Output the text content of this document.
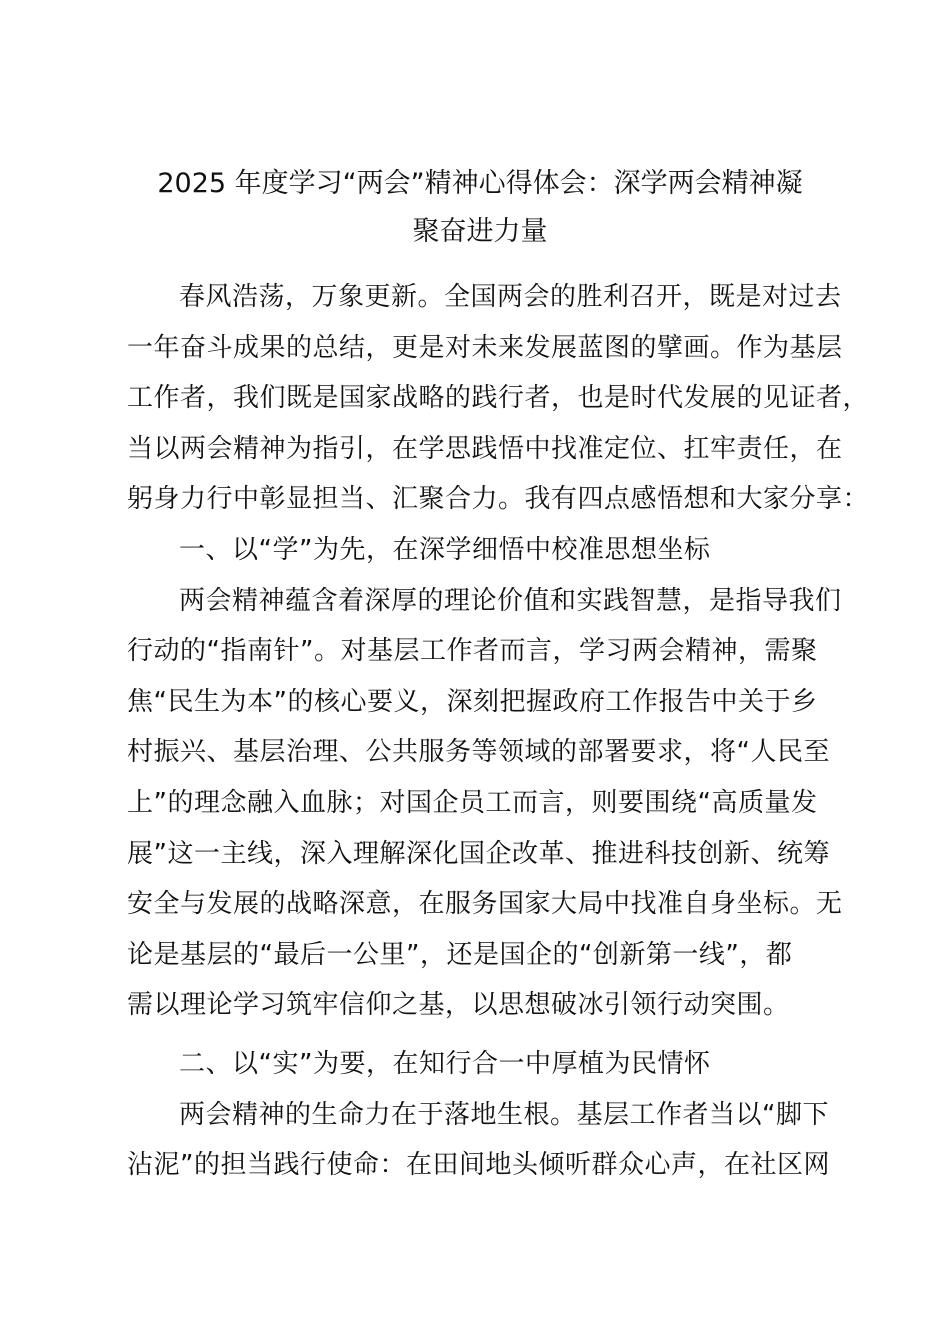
2025 年度学习“两会”精神心得体会：深学两会精神凝
聚奋进力量
春风浩荡，万象更新。全国两会的胜利召开，既是对过去
一年奋斗成果的总结，更是对未来发展蓝图的擘画。作为基层
工作者，我们既是国家战略的践行者，也是时代发展的见证者，
当以两会精神为指引，在学思践悟中找准定位、扛牢责任，在
躬身力行中彰显担当、汇聚合力。我有四点感悟想和大家分享：
一、以“学”为先，在深学细悟中校准思想坐标
两会精神蕴含着深厚的理论价值和实践智慧，是指导我们
行动的“指南针”。对基层工作者而言，学习两会精神，需聚
焦“民生为本”的核心要义，深刻把握政府工作报告中关于乡
村振兴、基层治理、公共服务等领域的部署要求，将“人民至
上”的理念融入血脉；对国企员工而言，则要围绕“高质量发
展”这一主线，深入理解深化国企改革、推进科技创新、统筹
安全与发展的战略深意，在服务国家大局中找准自身坐标。无
论是基层的“最后一公里”，还是国企的“创新第一线”，都
需以理论学习筑牢信仰之基，以思想破冰引领行动突围。
二、以“实”为要，在知行合一中厚植为民情怀
两会精神的生命力在于落地生根。基层工作者当以“脚下
沾泥”的担当践行使命：在田间地头倾听群众心声，在社区网
